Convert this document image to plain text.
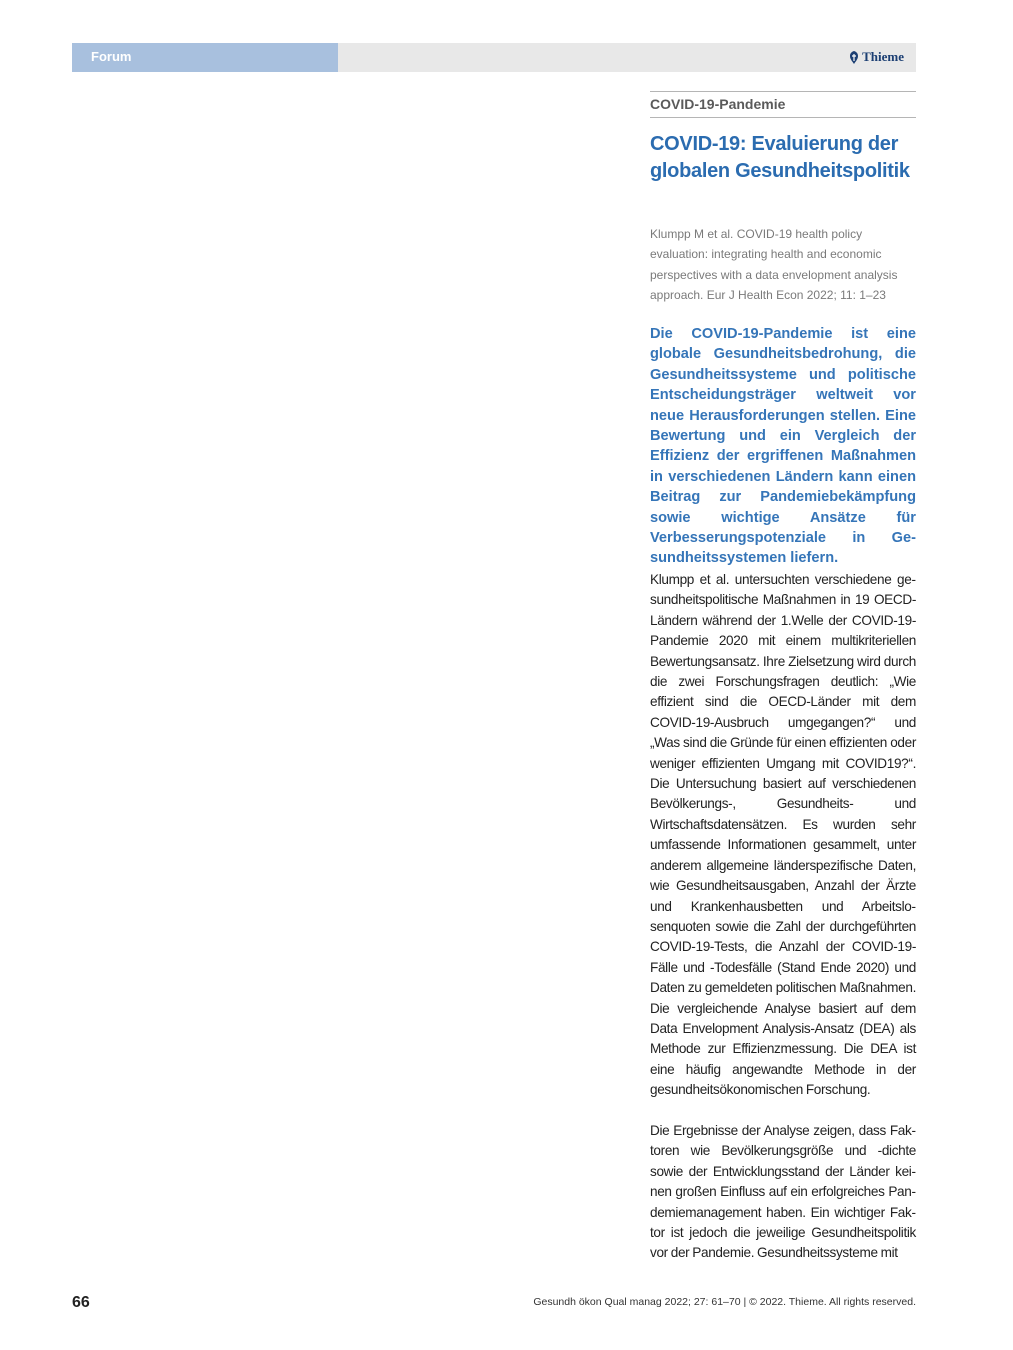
Forum	Thieme
COVID-19-Pandemie
COVID-19: Evaluierung der globalen Gesundheitspolitik
Klumpp M et al. COVID-19 health policy evaluation: integrating health and economic perspectives with a data envelopment analysis approach. Eur J Health Econ 2022; 11: 1–23
Die COVID-19-Pandemie ist eine globale Gesundheitsbedrohung, die Gesundheitssysteme und politische Entscheidungsträger weltweit vor neue Herausforderungen stellen. Eine Bewertung und ein Vergleich der Effizienz der ergriffenen Maßnahmen in verschiedenen Ländern kann einen Beitrag zur Pandemiebekämpfung sowie wichtige Ansätze für Verbesserungspotenziale in Gesundheitssystemen liefern.
Klumpp et al. untersuchten verschiedene gesundheitspolitische Maßnahmen in 19 OECD-Ländern während der 1.Welle der COVID-19-Pandemie 2020 mit einem multikriteriellen Bewertungsansatz. Ihre Zielsetzung wird durch die zwei Forschungsfragen deutlich: „Wie effizient sind die OECD-Länder mit dem COVID-19-Ausbruch umgegangen?“ und „Was sind die Gründe für einen effizienten oder weniger effizienten Umgang mit COVID19?“. Die Untersuchung basiert auf verschiedenen Bevölkerungs-, Gesundheits- und Wirtschaftsdatensätzen. Es wurden sehr umfassende Informationen gesammelt, unter anderem allgemeine länderspezifische Daten, wie Gesundheitsausgaben, Anzahl der Ärzte und Krankenhausbetten und Arbeitslosenquoten sowie die Zahl der durchgeführten COVID-19-Tests, die Anzahl der COVID-19-Fälle und -Todesfälle (Stand Ende 2020) und Daten zu gemeldeten politischen Maßnahmen. Die vergleichende Analyse basiert auf dem Data Envelopment Analysis-Ansatz (DEA) als Methode zur Effizienzmessung. Die DEA ist eine häufig angewandte Methode in der gesundheitsökonomischen Forschung.
Die Ergebnisse der Analyse zeigen, dass Faktoren wie Bevölkerungsgröße und -dichte sowie der Entwicklungsstand der Länder keinen großen Einfluss auf ein erfolgreiches Pandemiemanagement haben. Ein wichtiger Faktor ist jedoch die jeweilige Gesundheitspolitik vor der Pandemie. Gesundheitssysteme mit
66	Gesundh ökon Qual manag 2022; 27: 61–70 | © 2022. Thieme. All rights reserved.
